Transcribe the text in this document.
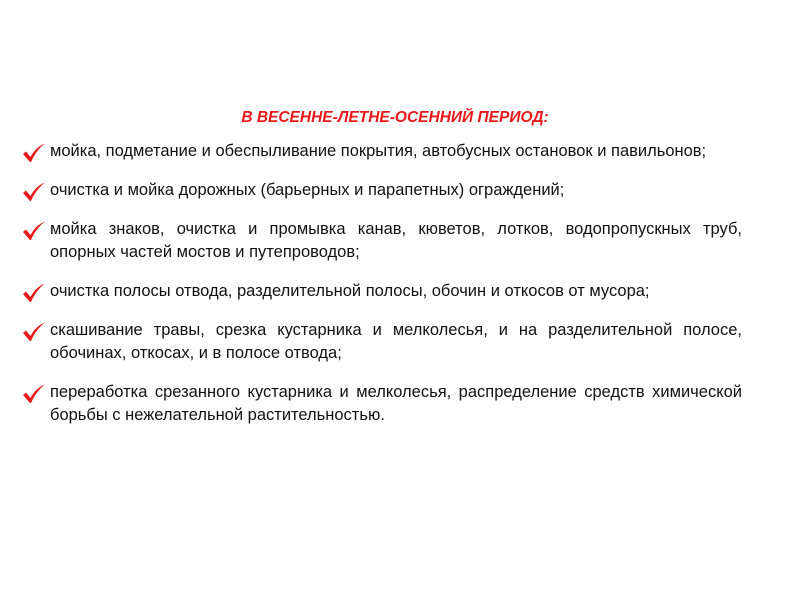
В ВЕСЕННЕ-ЛЕТНЕ-ОСЕННИЙ ПЕРИОД:
мойка, подметание и обеспыливание покрытия, автобусных остановок и павильонов;
очистка и мойка дорожных (барьерных и парапетных) ограждений;
мойка знаков, очистка и промывка канав, кюветов, лотков, водопропускных труб, опорных частей мостов и путепроводов;
очистка полосы отвода, разделительной полосы, обочин и откосов от мусора;
скашивание травы, срезка кустарника и мелколесья, и на разделительной полосе, обочинах, откосах, и в полосе отвода;
переработка срезанного кустарника и мелколесья, распределение средств химической борьбы с нежелательной растительностью.
